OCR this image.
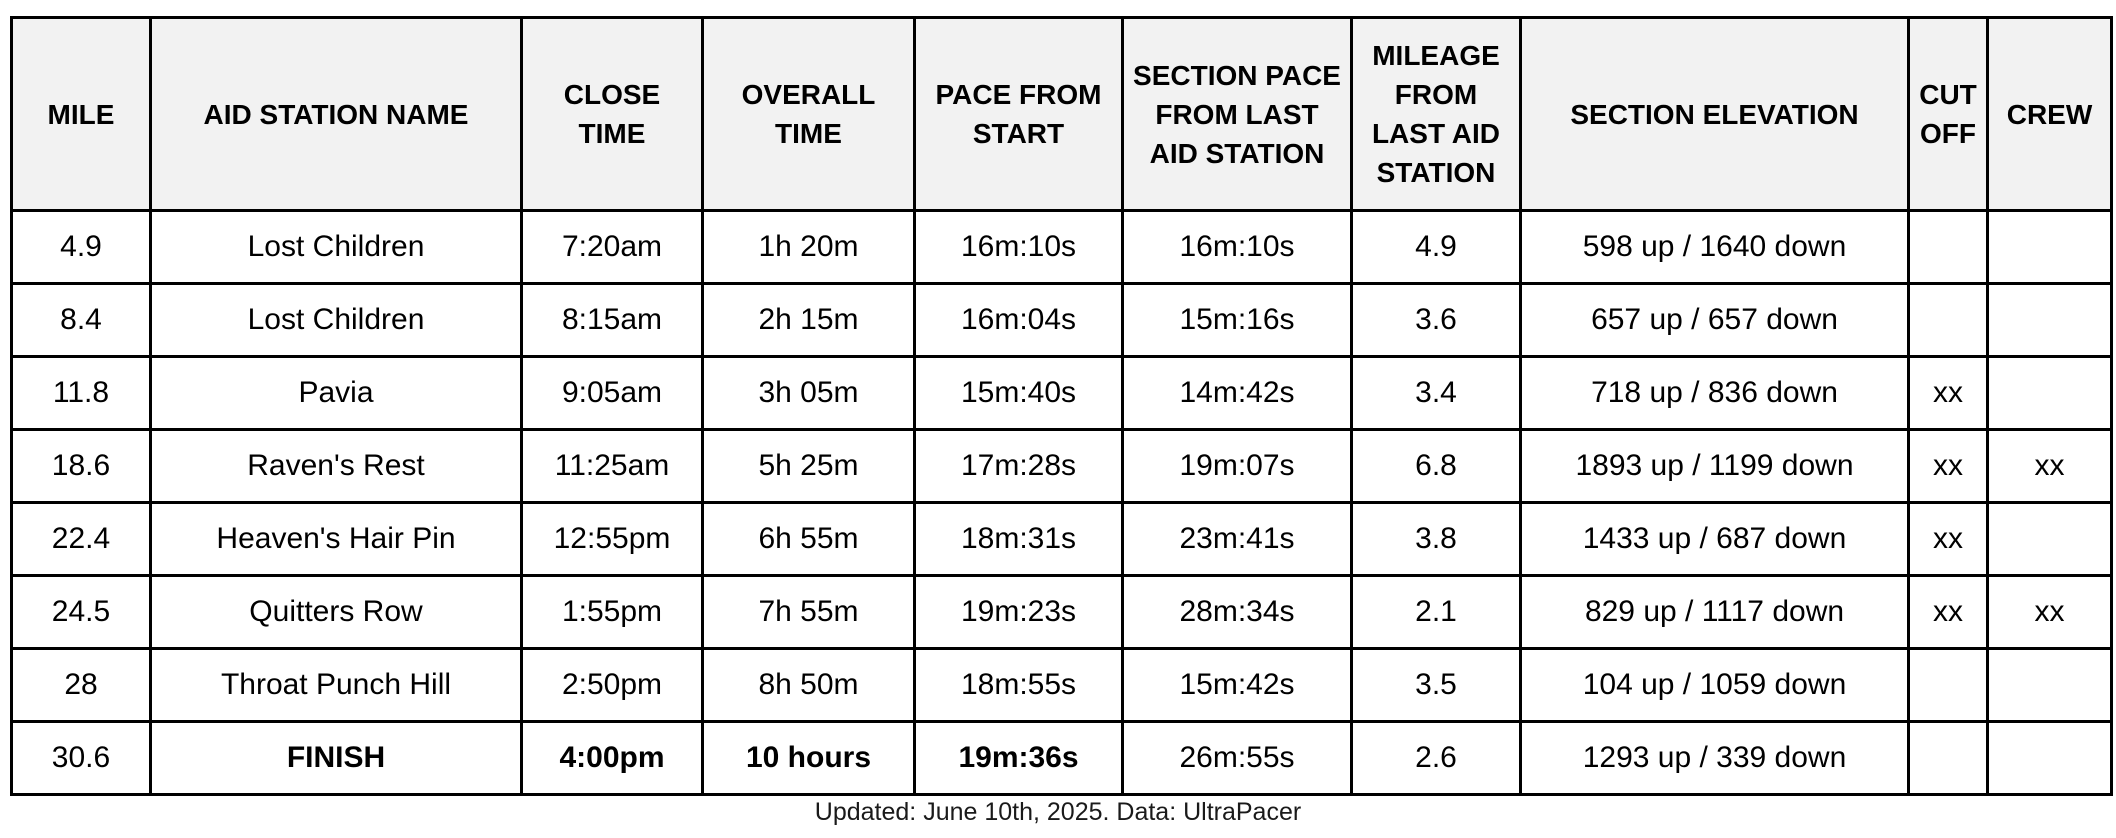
MILE	AID STATION NAME	CLOSE TIME	OVERALL TIME	PACE FROM START	SECTION PACE FROM LAST AID STATION	MILEAGE FROM LAST AID STATION	SECTION ELEVATION	CUT OFF	CREW
4.9	Lost Children	7:20am	1h 20m	16m:10s	16m:10s	4.9	598 up / 1640 down		
8.4	Lost Children	8:15am	2h 15m	16m:04s	15m:16s	3.6	657 up / 657 down		
11.8	Pavia	9:05am	3h 05m	15m:40s	14m:42s	3.4	718 up / 836 down	xx	
18.6	Raven's Rest	11:25am	5h 25m	17m:28s	19m:07s	6.8	1893 up / 1199 down	xx	xx
22.4	Heaven's Hair Pin	12:55pm	6h 55m	18m:31s	23m:41s	3.8	1433 up / 687 down	xx	
24.5	Quitters Row	1:55pm	7h 55m	19m:23s	28m:34s	2.1	829 up / 1117 down	xx	xx
28	Throat Punch Hill	2:50pm	8h 50m	18m:55s	15m:42s	3.5	104 up / 1059 down		
30.6	FINISH	4:00pm	10 hours	19m:36s	26m:55s	2.6	1293 up / 339 down		
Updated: June 10th, 2025. Data: UltraPacer
